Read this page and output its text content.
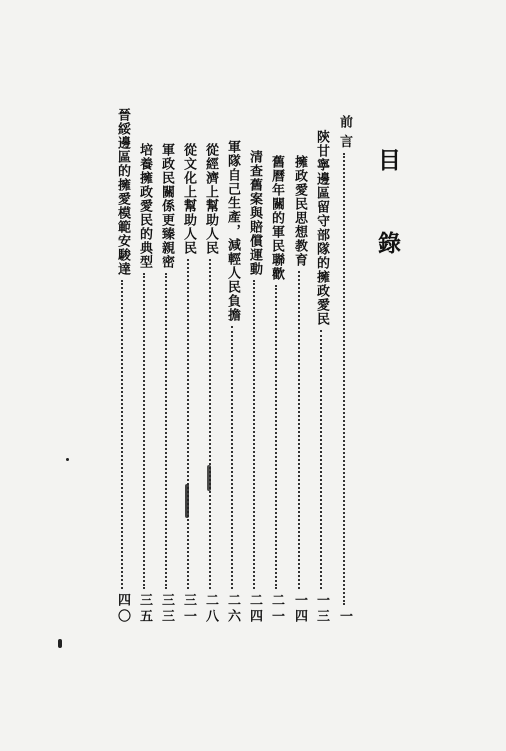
目 錄
前 言
一
陝甘寧邊區留守部隊的擁政愛民
一三
擁政愛民思想教育
一四
舊曆年關的軍民聯歡
二一
清查舊案與賠償運動
二四
軍隊自己生產，減輕人民負擔
二六
從經濟上幫助人民
二八
從文化上幫助人民
三一
軍政民關係更臻親密
三三
培養擁政愛民的典型
三五
晉綏邊區的擁愛模範安駿達
四〇
